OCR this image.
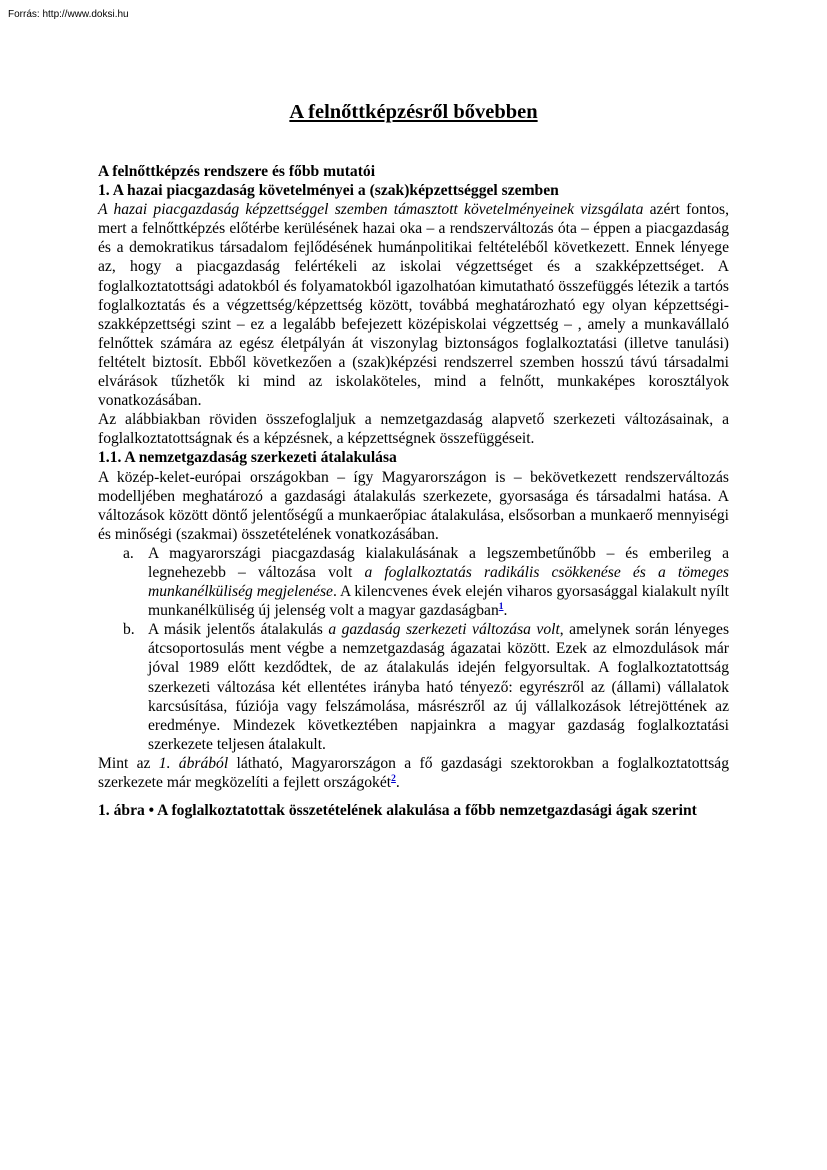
Forrás: http://www.doksi.hu
A felnőttképzésről bővebben

A felnőttképzés rendszere és főbb mutatói

1. A hazai piacgazdaság követelményei a (szak)képzettséggel szemben

A hazai piacgazdaság képzettséggel szemben támasztott követelményeinek vizsgálata azért fontos, mert a felnőttképzés előtérbe kerülésének hazai oka – a rendszerváltozás óta – éppen a piacgazdaság és a demokratikus társadalom fejlődésének humánpolitikai feltételéből következett. Ennek lényege az, hogy a piacgazdaság felértékeli az iskolai végzettséget és a szakképzettséget. A foglalkoztatottsági adatokból és folyamatokból igazolhatóan kimutatható összefüggés létezik a tartós foglalkoztatás és a végzettség/képzettség között, továbbá meghatározható egy olyan képzettségi-szakképzettségi szint – ez a legalább befejezett középiskolai végzettség – , amely a munkavállaló felnőttek számára az egész életpályán át viszonylag biztonságos foglalkoztatási (illetve tanulási) feltételt biztosít. Ebből következően a (szak)képzési rendszerrel szemben hosszú távú társadalmi elvárások tűzhetők ki mind az iskolaköteles, mind a felnőtt, munkaképes korosztályok vonatkozásában.

Az alábbiakban röviden összefoglaljuk a nemzetgazdaság alapvető szerkezeti változásainak, a foglalkoztatottságnak és a képzésnek, a képzettségnek összefüggéseit.

1.1. A nemzetgazdaság szerkezeti átalakulása

A közép-kelet-európai országokban – így Magyarországon is – bekövetkezett rendszerváltozás modelljében meghatározó a gazdasági átalakulás szerkezete, gyorsasága és társadalmi hatása. A változások között döntő jelentőségű a munkaerőpiac átalakulása, elsősorban a munkaerő mennyiségi és minőségi (szakmai) összetételének vonatkozásában.

a. A magyarországi piacgazdaság kialakulásának a legszembetűnőbb – és emberileg a legnehezebb – változása volt a foglalkoztatás radikális csökkenése és a tömeges munkanélküliség megjelenése. A kilencvenes évek elején viharos gyorsasággal kialakult nyílt munkanélküliség új jelenség volt a magyar gazdaságban$^1$.
b. A másik jelentős átalakulás a gazdaság szerkezeti változása volt, amelynek során lényeges átcsoportosulás ment végbe a nemzetgazdaság ágazatai között. Ezek az elmozdulások már jóval 1989 előtt kezdődtek, de az átalakulás idején felgyorsultak. A foglalkoztatottság szerkezeti változása két ellentétes irányba ható tényező: egyrészről az (állami) vállalatok karcsúsítása, fúziója vagy felszámolása, másrészről az új vállalkozások létrejöttének az eredménye. Mindezek következtében napjainkra a magyar gazdaság foglalkoztatási szerkezete teljesen átalakult.

Mint az 1. ábrából látható, Magyarországon a fő gazdasági szektorokban a foglalkoztatottság szerkezete már megközelíti a fejlett országokét$^2$.

1. ábra • A foglalkoztatottak összetételének alakulása a főbb nemzetgazdasági ágak szerint
